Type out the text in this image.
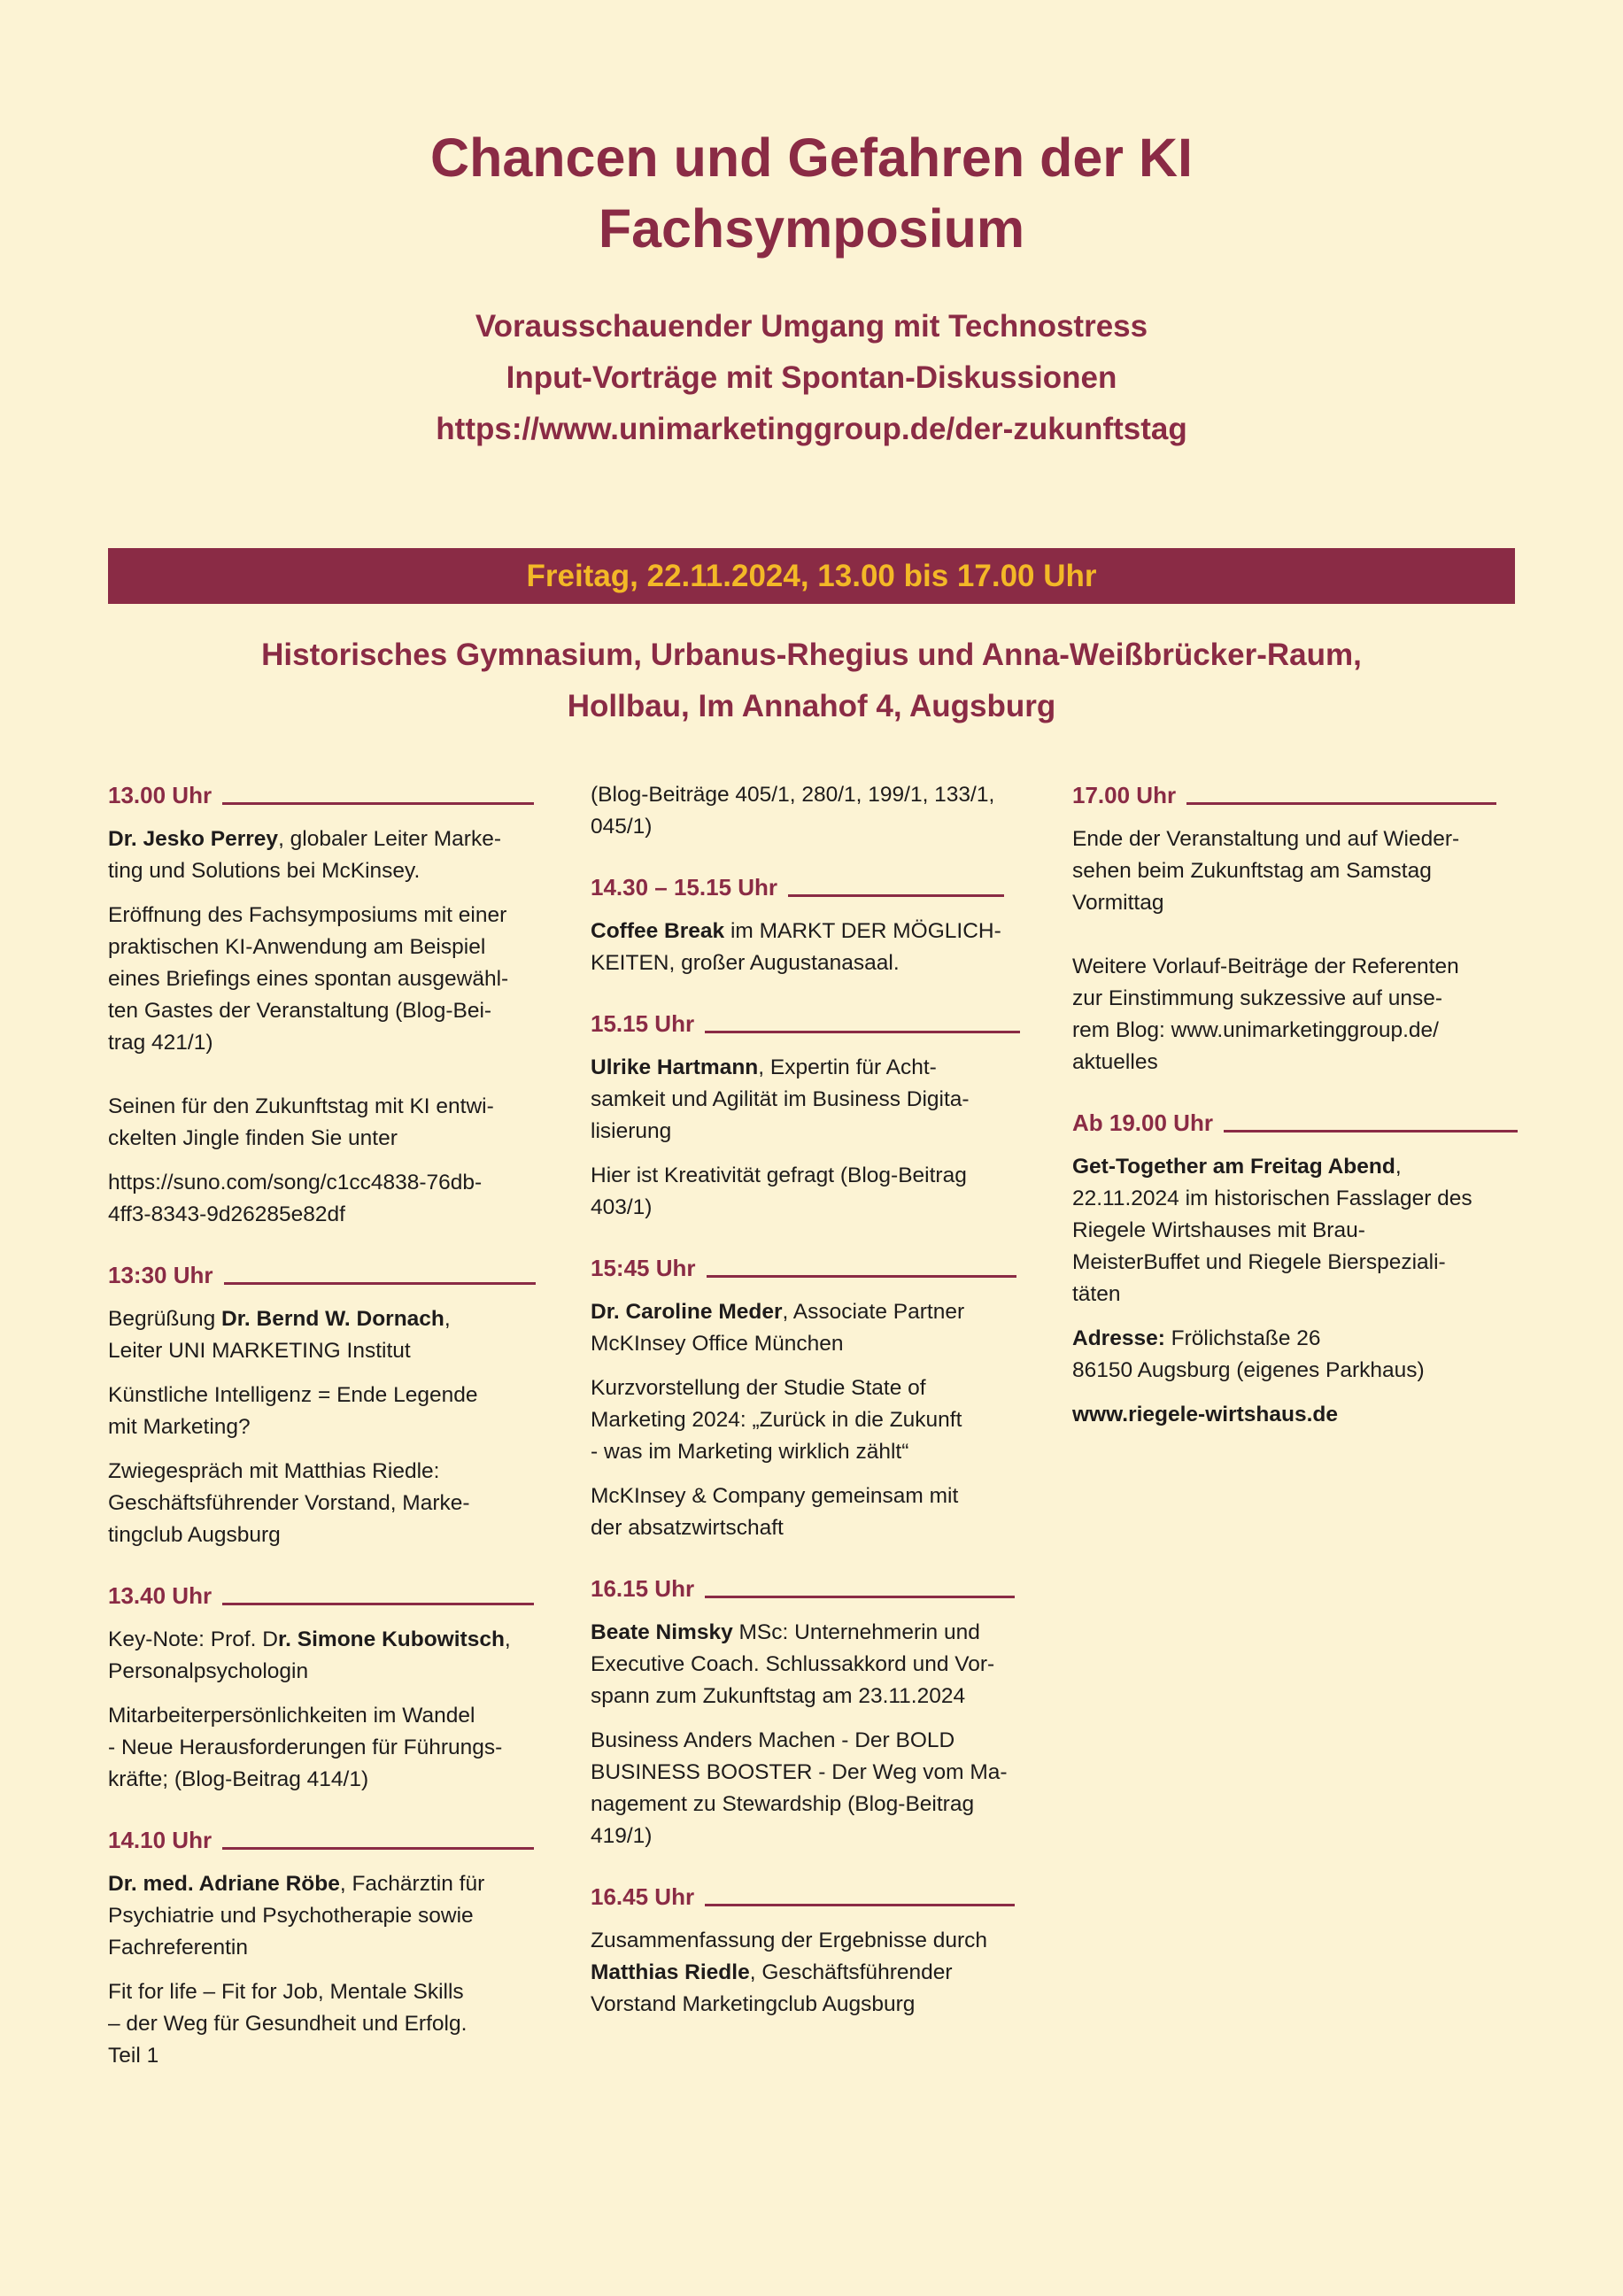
Chancen und Gefahren der KI
Fachsymposium
Vorausschauender Umgang mit Technostress
Input-Vorträge mit Spontan-Diskussionen
https://www.unimarketinggroup.de/der-zukunftstag
Freitag, 22.11.2024, 13.00 bis 17.00 Uhr
Historisches Gymnasium, Urbanus-Rhegius und Anna-Weißbrücker-Raum,
Hollbau, Im Annahof 4, Augsburg
13.00 Uhr

Dr. Jesko Perrey, globaler Leiter Marke-
ting und Solutions bei McKinsey.

Eröffnung des Fachsymposiums mit einer
praktischen KI-Anwendung am Beispiel
eines Briefings eines spontan ausgewähl-
ten Gastes der Veranstaltung (Blog-Bei-
trag 421/1)

Seinen für den Zukunftstag mit KI entwi-
ckelten Jingle finden Sie unter

https://suno.com/song/c1cc4838-76db-
4ff3-8343-9d26285e82df

13:30 Uhr

Begrüßung Dr. Bernd W. Dornach,
Leiter UNI MARKETING Institut

Künstliche Intelligenz = Ende Legende
mit Marketing?

Zwiegespräch mit Matthias Riedle:
Geschäftsführender Vorstand, Marke-
tingclub Augsburg

13.40 Uhr

Key-Note: Prof. Dr. Simone Kubowitsch,
Personalpsychologin

Mitarbeiterpersönlichkeiten im Wandel
- Neue Herausforderungen für Führungs-
kräfte; (Blog-Beitrag 414/1)

14.10 Uhr

Dr. med. Adriane Röbe, Fachärztin für
Psychiatrie und Psychotherapie sowie
Fachreferentin

Fit for life – Fit for Job, Mentale Skills
– der Weg für Gesundheit und Erfolg.
Teil 1

(Blog-Beiträge 405/1, 280/1, 199/1, 133/1,
045/1)

14.30 – 15.15 Uhr

Coffee Break im MARKT DER MÖGLICH-
KEITEN, großer Augustanasaal.

15.15 Uhr

Ulrike Hartmann, Expertin für Acht-
samkeit und Agilität im Business Digita-
lisierung

Hier ist Kreativität gefragt (Blog-Beitrag
403/1)

15:45 Uhr

Dr. Caroline Meder, Associate Partner
McKInsey Office München

Kurzvorstellung der Studie State of
Marketing 2024: „Zurück in die Zukunft
- was im Marketing wirklich zählt“

McKInsey & Company gemeinsam mit
der absatzwirtschaft

16.15 Uhr

Beate Nimsky MSc: Unternehmerin und
Executive Coach. Schlussakkord und Vor-
spann zum Zukunftstag am 23.11.2024

Business Anders Machen - Der BOLD
BUSINESS BOOSTER - Der Weg vom Ma-
nagement zu Stewardship (Blog-Beitrag
419/1)

16.45 Uhr

Zusammenfassung der Ergebnisse durch
Matthias Riedle, Geschäftsführender
Vorstand Marketingclub Augsburg

17.00 Uhr

Ende der Veranstaltung und auf Wieder-
sehen beim Zukunftstag am Samstag
Vormittag

Weitere Vorlauf-Beiträge der Referenten
zur Einstimmung sukzessive auf unse-
rem Blog: www.unimarketinggroup.de/
aktuelles

Ab 19.00 Uhr

Get-Together am Freitag Abend,
22.11.2024 im historischen Fasslager des
Riegele Wirtshauses mit Brau-
MeisterBuffet und Riegele Bierspeziali-
täten

Adresse: Frölichstaße 26
86150 Augsburg (eigenes Parkhaus)

www.riegele-wirtshaus.de
